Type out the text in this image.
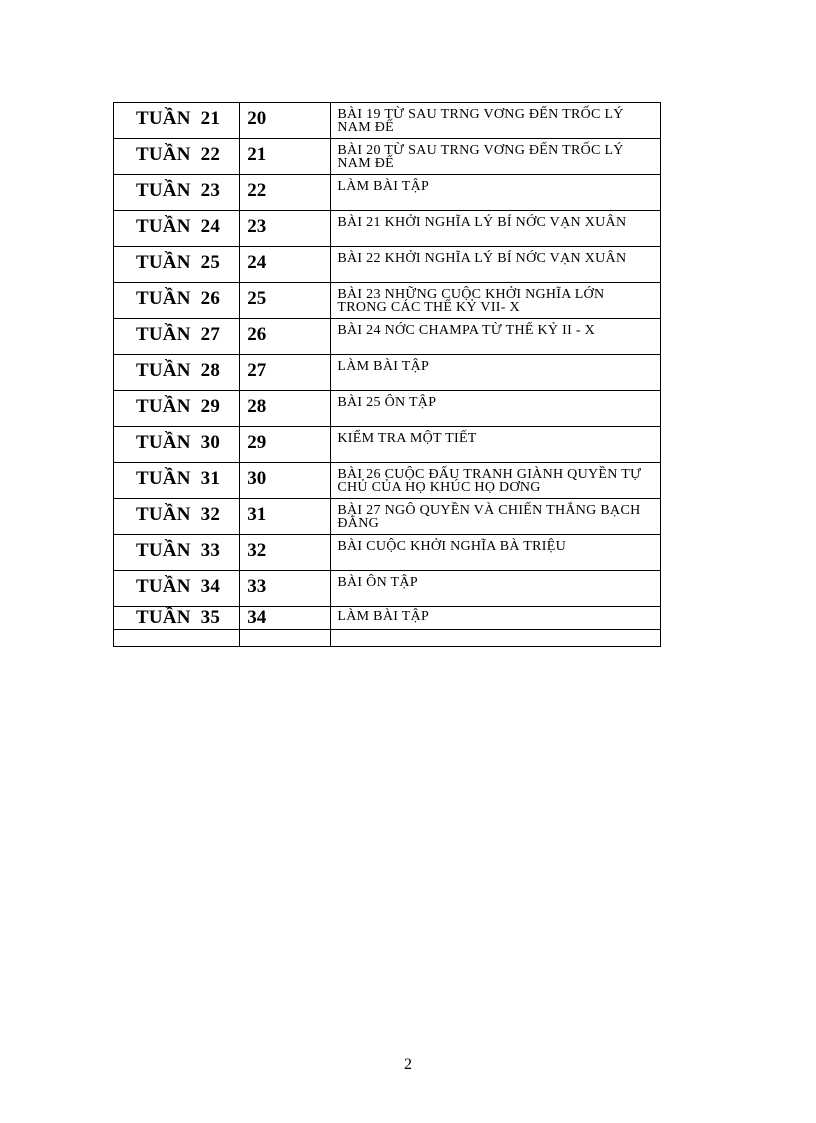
TUẦN 21	20	BÀI 19 TỪ SAU TRNG VƠNG ĐẾN TRỐC LÝ NAM ĐẾ
TUẦN 22	21	BÀI 20 TỪ SAU TRNG VƠNG ĐẾN TRỐC LÝ NAM ĐẾ
TUẦN 23	22	LÀM BÀI TẬP
TUẦN 24	23	BÀI 21 KHỞI NGHĨA LÝ BÍ NỚC VẠN XUÂN
TUẦN 25	24	BÀI 22 KHỞI NGHĨA LÝ BÍ NỚC VẠN XUÂN
TUẦN 26	25	BÀI 23 NHỮNG CUỘC KHỞI NGHĨA LỚN TRONG CÁC THẾ KỶ VII- X
TUẦN 27	26	BÀI 24 NỚC CHAMPA TỪ THẾ KỶ II - X
TUẦN 28	27	LÀM BÀI TẬP
TUẦN 29	28	BÀI 25 ÔN TẬP
TUẦN 30	29	KIỂM TRA MỘT TIẾT
TUẦN 31	30	BÀI 26 CUỘC ĐẤU TRANH GIÀNH QUYỀN TỰ CHỦ CỦA HỌ KHÚC HỌ DƠNG
TUẦN 32	31	BÀI 27 NGÔ QUYỀN VÀ CHIẾN THẮNG BẠCH ĐẰNG
TUẦN 33	32	BÀI CUỘC KHỞI NGHĨA BÀ TRIỆU
TUẦN 34	33	BÀI ÔN TẬP
TUẦN 35	34	LÀM BÀI TẬP

2
